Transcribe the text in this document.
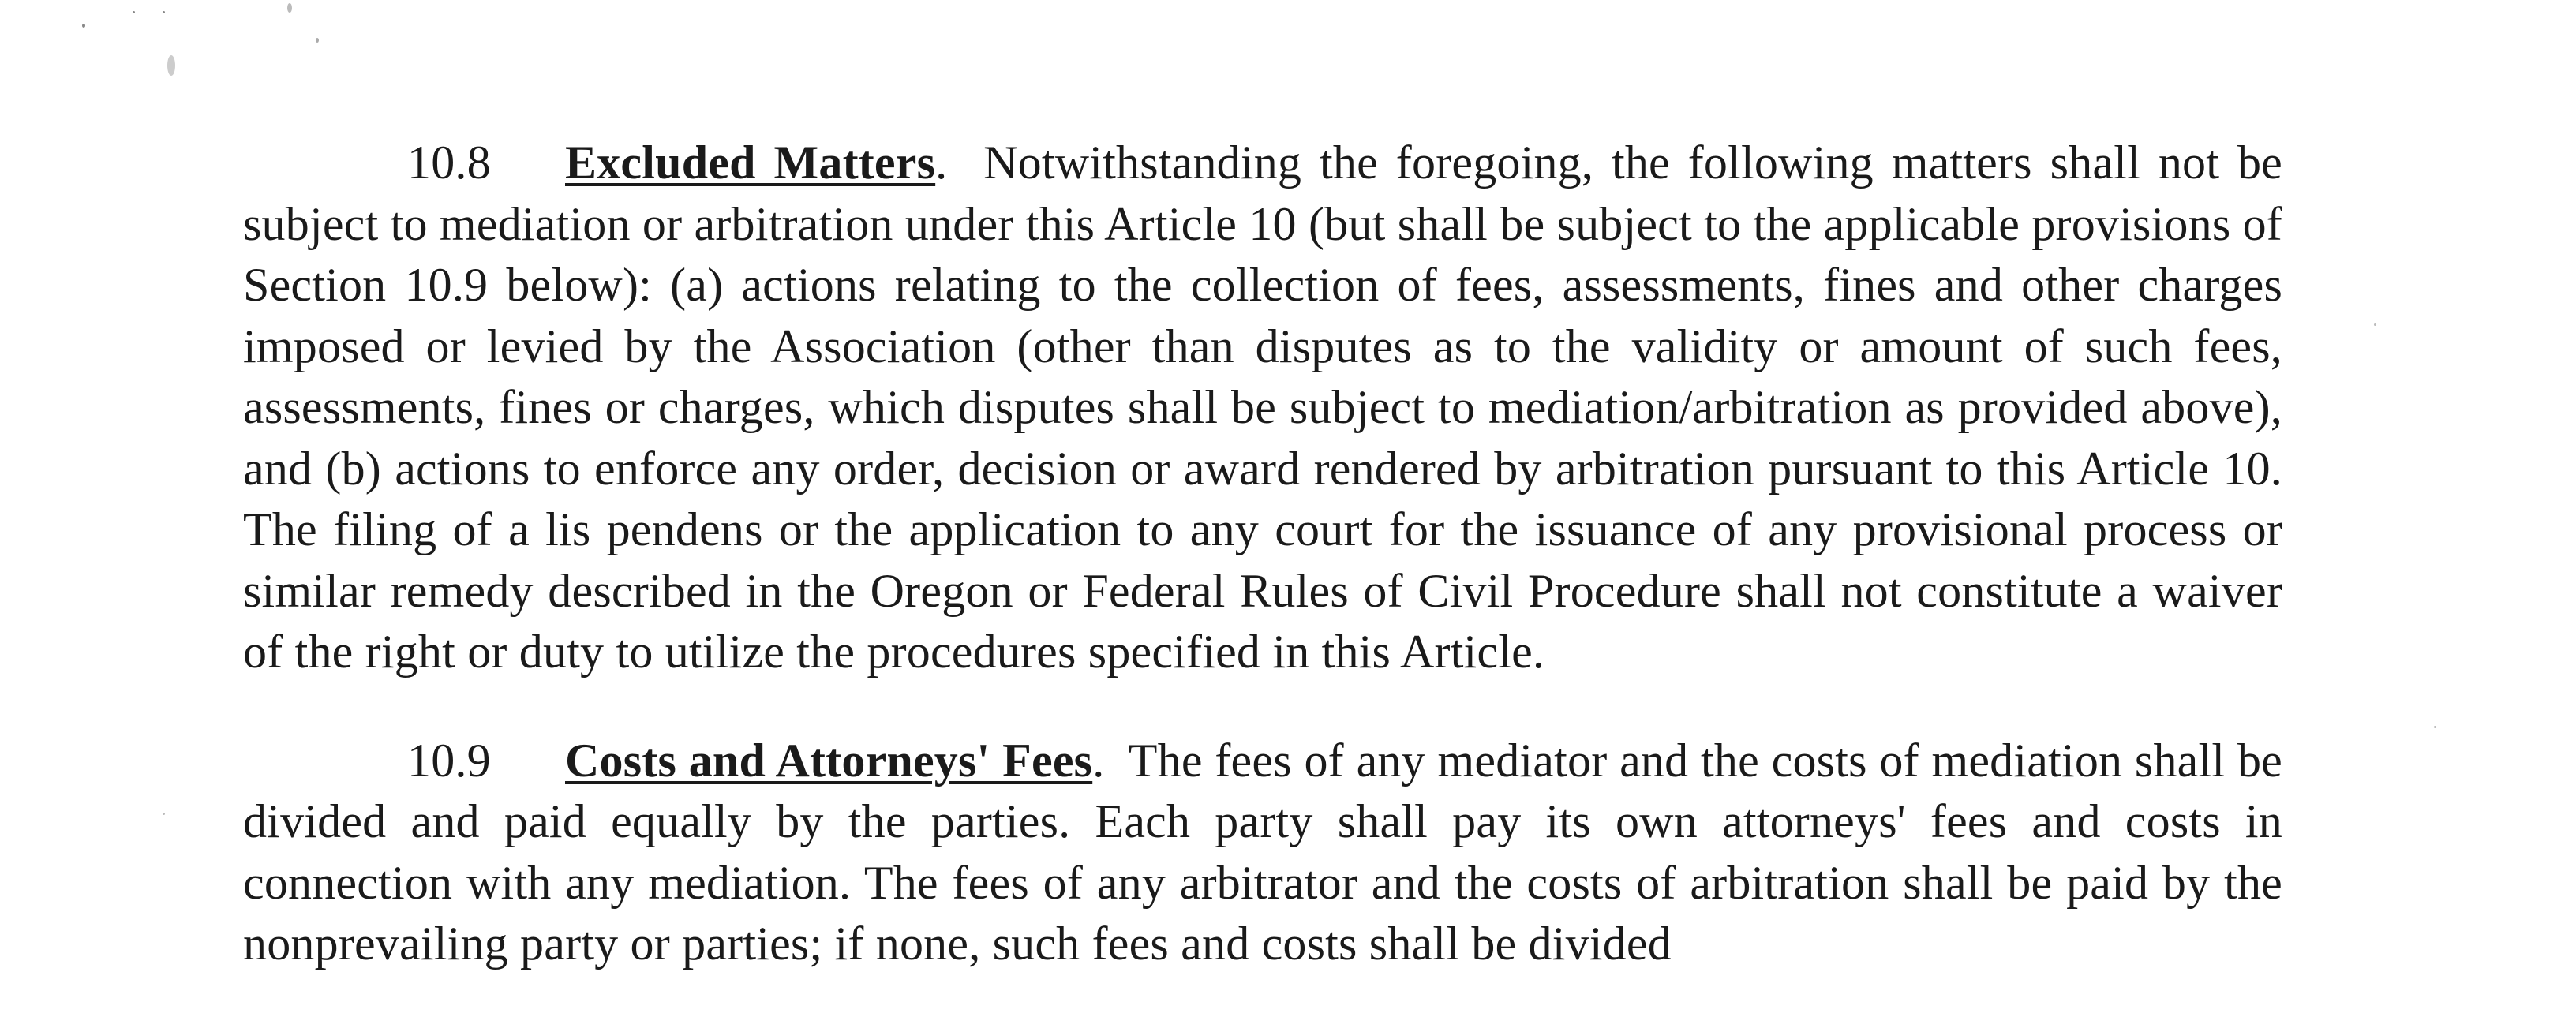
10.8 Excluded Matters. Notwithstanding the foregoing, the following matters shall not be subject to mediation or arbitration under this Article 10 (but shall be subject to the applicable provisions of Section 10.9 below): (a) actions relating to the collection of fees, assessments, fines and other charges imposed or levied by the Association (other than disputes as to the validity or amount of such fees, assessments, fines or charges, which disputes shall be subject to mediation/arbitration as provided above), and (b) actions to enforce any order, decision or award rendered by arbitration pursuant to this Article 10. The filing of a lis pendens or the application to any court for the issuance of any provisional process or similar remedy described in the Oregon or Federal Rules of Civil Procedure shall not constitute a waiver of the right or duty to utilize the procedures specified in this Article.

10.9 Costs and Attorneys' Fees. The fees of any mediator and the costs of mediation shall be divided and paid equally by the parties. Each party shall pay its own attorneys' fees and costs in connection with any mediation. The fees of any arbitrator and the costs of arbitration shall be paid by the nonprevailing party or parties; if none, such fees and costs shall be divided
